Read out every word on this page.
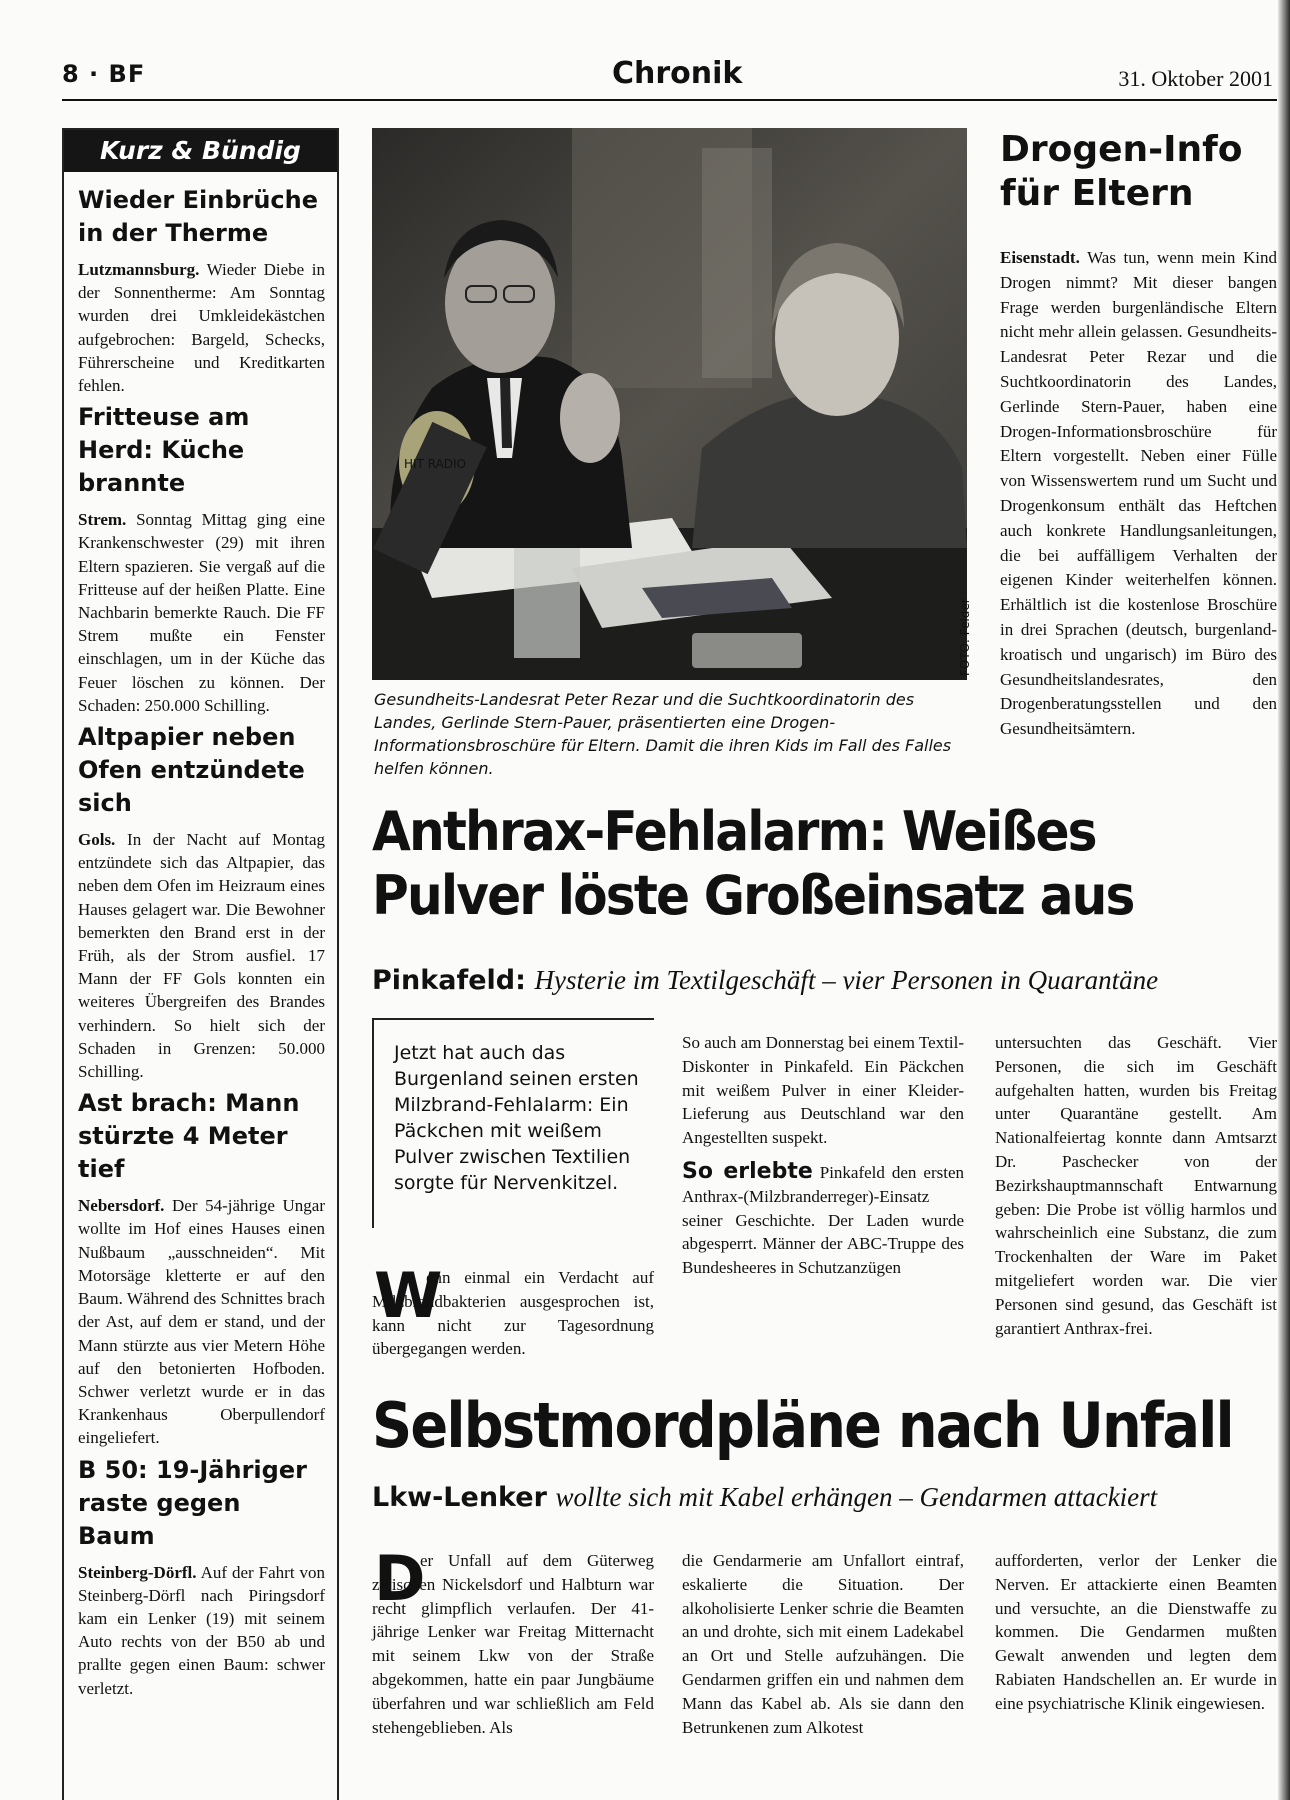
8 · BF	Chronik	31. Oktober 2001
Kurz & Bündig
Wieder Einbrüche in der Therme

Lutzmannsburg. Wieder Diebe in der Sonnentherme: Am Sonntag wurden drei Umkleidekästchen aufgebrochen: Bargeld, Schecks, Führerscheine und Kreditkarten fehlen.

Fritteuse am Herd: Küche brannte

Strem. Sonntag Mittag ging eine Krankenschwester (29) mit ihren Eltern spazieren. Sie vergaß auf die Fritteuse auf der heißen Platte. Eine Nachbarin bemerkte Rauch. Die FF Strem mußte ein Fenster einschlagen, um in der Küche das Feuer löschen zu können. Der Schaden: 250.000 Schilling.

Altpapier neben Ofen entzündete sich

Gols. In der Nacht auf Montag entzündete sich das Altpapier, das neben dem Ofen im Heizraum eines Hauses gelagert war. Die Bewohner bemerkten den Brand erst in der Früh, als der Strom ausfiel. 17 Mann der FF Gols konnten ein weiteres Übergreifen des Brandes verhindern. So hielt sich der Schaden in Grenzen: 50.000 Schilling.

Ast brach: Mann stürzte 4 Meter tief

Nebersdorf. Der 54-jährige Ungar wollte im Hof eines Hauses einen Nußbaum „ausschneiden“. Mit Motorsäge kletterte er auf den Baum. Während des Schnittes brach der Ast, auf dem er stand, und der Mann stürzte aus vier Metern Höhe auf den betonierten Hofboden. Schwer verletzt wurde er in das Krankenhaus Oberpullendorf eingeliefert.

B 50: 19-Jähriger raste gegen Baum

Steinberg-Dörfl. Auf der Fahrt von Steinberg-Dörfl nach Piringsdorf kam ein Lenker (19) mit seinem Auto rechts von der B50 ab und prallte gegen einen Baum: schwer verletzt.

HIT RADIO
FOTO: Felder
Gesundheits-Landesrat Peter Rezar und die Suchtkoordinatorin des Landes, Gerlinde Stern-Pauer, präsentierten eine Drogen-Informationsbroschüre für Eltern. Damit die ihren Kids im Fall des Falles helfen können.
Drogen-Info für Eltern

Eisenstadt. Was tun, wenn mein Kind Drogen nimmt? Mit dieser bangen Frage werden burgenländische Eltern nicht mehr allein gelassen. Gesundheits-Landesrat Peter Rezar und die Suchtkoordinatorin des Landes, Gerlinde Stern-Pauer, haben eine Drogen-Informationsbroschüre für Eltern vorgestellt. Neben einer Fülle von Wissenswertem rund um Sucht und Drogenkonsum enthält das Heftchen auch konkrete Handlungsanleitungen, die bei auffälligem Verhalten der eigenen Kinder weiterhelfen können. Erhältlich ist die kostenlose Broschüre in drei Sprachen (deutsch, burgenland-kroatisch und ungarisch) im Büro des Gesundheitslandesrates, den Drogenberatungsstellen und den Gesundheitsämtern.

Anthrax-Fehlalarm: Weißes
Pulver löste Großeinsatz aus
Pinkafeld: Hysterie im Textilgeschäft – vier Personen in Quarantäne
Jetzt hat auch das Burgenland seinen ersten Milzbrand-Fehlalarm: Ein Päckchen mit weißem Pulver zwischen Textilien sorgte für Nervenkitzel.
W

enn einmal ein Verdacht auf Milzbrandbakterien ausgesprochen ist, kann nicht zur Tagesordnung übergegangen werden.

So auch am Donnerstag bei einem Textil-Diskonter in Pinkafeld. Ein Päckchen mit weißem Pulver in einer Kleider-Lieferung aus Deutschland war den Angestellten suspekt.

So erlebte Pinkafeld den ersten Anthrax-(Milzbranderreger)-Einsatz seiner Geschichte. Der Laden wurde abgesperrt. Männer der ABC-Truppe des Bundesheeres in Schutzanzügen

untersuchten das Geschäft. Vier Personen, die sich im Geschäft aufgehalten hatten, wurden bis Freitag unter Quarantäne gestellt. Am Nationalfeiertag konnte dann Amtsarzt Dr. Paschecker von der Bezirkshauptmannschaft Entwarnung geben: Die Probe ist völlig harmlos und wahrscheinlich eine Substanz, die zum Trockenhalten der Ware im Paket mitgeliefert worden war. Die vier Personen sind gesund, das Geschäft ist garantiert Anthrax-frei.

Selbstmordpläne nach Unfall
Lkw-Lenker wollte sich mit Kabel erhängen – Gendarmen attackiert
D

er Unfall auf dem Güterweg zwischen Nickelsdorf und Halbturn war recht glimpflich verlaufen. Der 41-jährige Lenker war Freitag Mitternacht mit seinem Lkw von der Straße abgekommen, hatte ein paar Jungbäume überfahren und war schließlich am Feld stehengeblieben. Als

die Gendarmerie am Unfallort eintraf, eskalierte die Situation. Der alkoholisierte Lenker schrie die Beamten an und drohte, sich mit einem Ladekabel an Ort und Stelle aufzuhängen. Die Gendarmen griffen ein und nahmen dem Mann das Kabel ab. Als sie dann den Betrunkenen zum Alkotest

aufforderten, verlor der Lenker die Nerven. Er attackierte einen Beamten und versuchte, an die Dienstwaffe zu kommen. Die Gendarmen mußten Gewalt anwenden und legten dem Rabiaten Handschellen an. Er wurde in eine psychiatrische Klinik eingewiesen.
